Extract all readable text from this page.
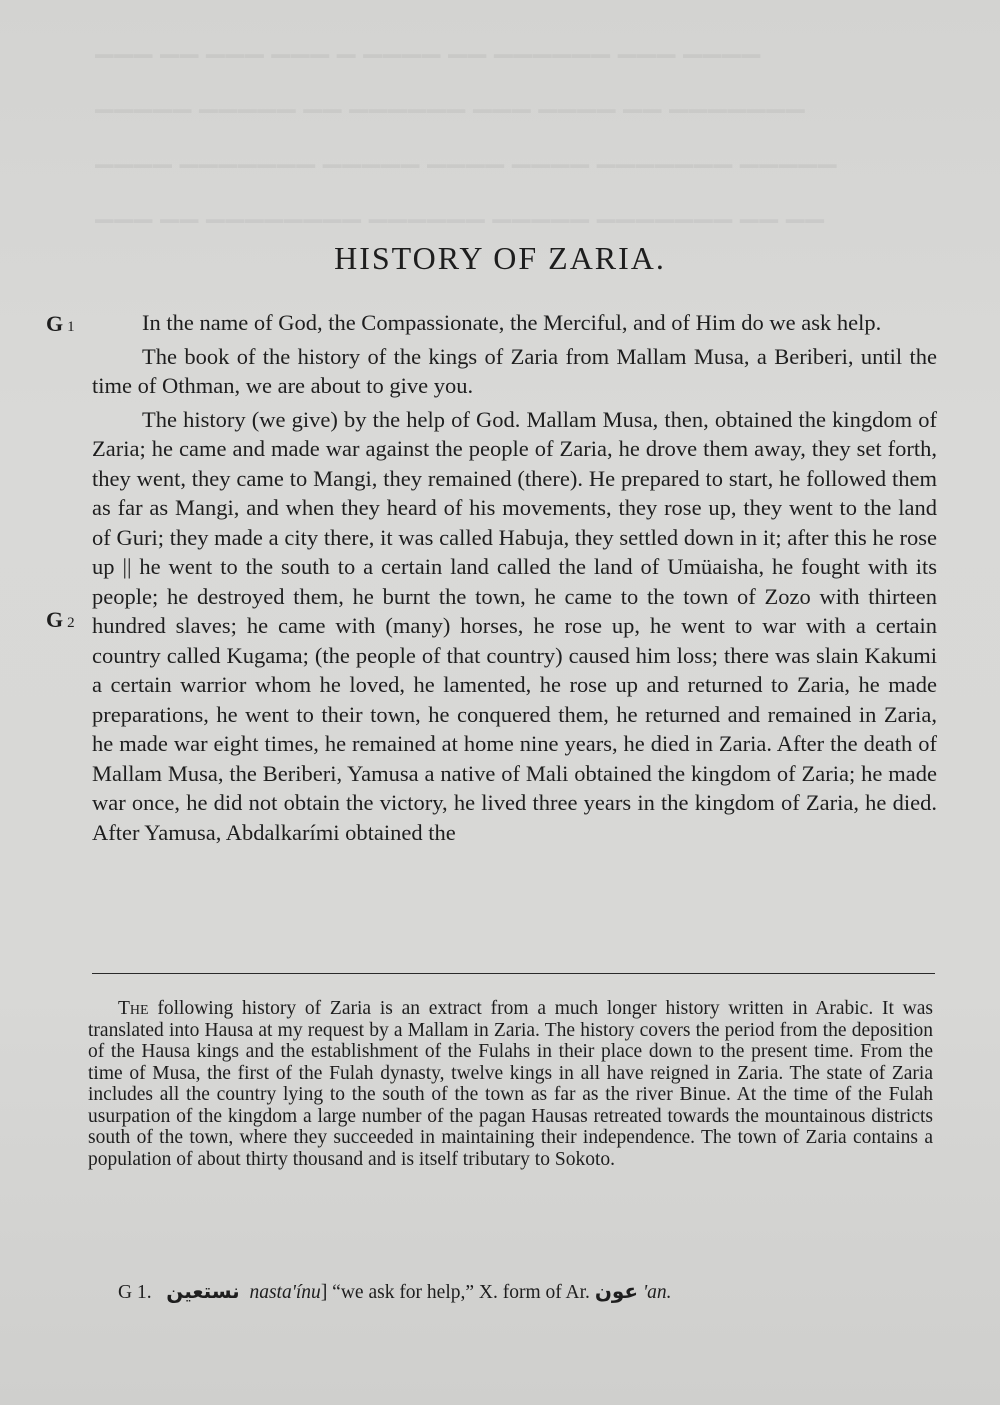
▁▁▁ ▁▁ ▁▁▁ ▁▁▁ ▁ ▁▁▁▁ ▁▁ ▁▁▁▁▁▁ ▁▁▁ ▁▁▁▁
▁▁▁▁▁ ▁▁▁▁▁ ▁▁ ▁▁▁▁▁▁ ▁▁▁ ▁▁▁▁ ▁▁ ▁▁▁▁▁▁▁
▁▁▁▁ ▁▁▁▁▁▁▁ ▁▁▁▁▁ ▁▁▁▁ ▁▁▁▁ ▁▁▁▁▁▁▁ ▁▁▁▁▁
▁▁▁ ▁▁ ▁▁▁▁▁▁▁▁ ▁▁▁▁▁▁ ▁▁▁▁▁ ▁▁▁▁▁▁▁ ▁▁ ▁▁
HISTORY OF ZARIA.
G 1
G 2

In the name of God, the Compassionate, the Merciful, and of Him do we ask help.

The book of the history of the kings of Zaria from Mallam Musa, a Beriberi, until the time of Othman, we are about to give you.

The history (we give) by the help of God. Mallam Musa, then, obtained the kingdom of Zaria; he came and made war against the people of Zaria, he drove them away, they set forth, they went, they came to Mangi, they remained (there). He prepared to start, he followed them as far as Mangi, and when they heard of his movements, they rose up, they went to the land of Guri; they made a city there, it was called Habuja, they settled down in it; after this he rose up || he went to the south to a certain land called the land of Umüaisha, he fought with its people; he destroyed them, he burnt the town, he came to the town of Zozo with thirteen hundred slaves; he came with (many) horses, he rose up, he went to war with a certain country called Kugama; (the people of that country) caused him loss; there was slain Kakumi a certain warrior whom he loved, he lamented, he rose up and returned to Zaria, he made preparations, he went to their town, he conquered them, he returned and remained in Zaria, he made war eight times, he remained at home nine years, he died in Zaria. After the death of Mallam Musa, the Beriberi, Yamusa a native of Mali obtained the kingdom of Zaria; he made war once, he did not obtain the victory, he lived three years in the kingdom of Zaria, he died. After Yamusa, Abdalkarími obtained the

The following history of Zaria is an extract from a much longer history written in Arabic. It was translated into Hausa at my request by a Mallam in Zaria. The history covers the period from the deposition of the Hausa kings and the establishment of the Fulahs in their place down to the present time. From the time of Musa, the first of the Fulah dynasty, twelve kings in all have reigned in Zaria. The state of Zaria includes all the country lying to the south of the town as far as the river Binue. At the time of the Fulah usurpation of the kingdom a large number of the pagan Hausas retreated towards the mountainous districts south of the town, where they succeeded in maintaining their independence. The town of Zaria contains a population of about thirty thousand and is itself tributary to Sokoto.
G 1. نستعين nasta'ínu] “we ask for help,” X. form of Ar. عون 'an.
